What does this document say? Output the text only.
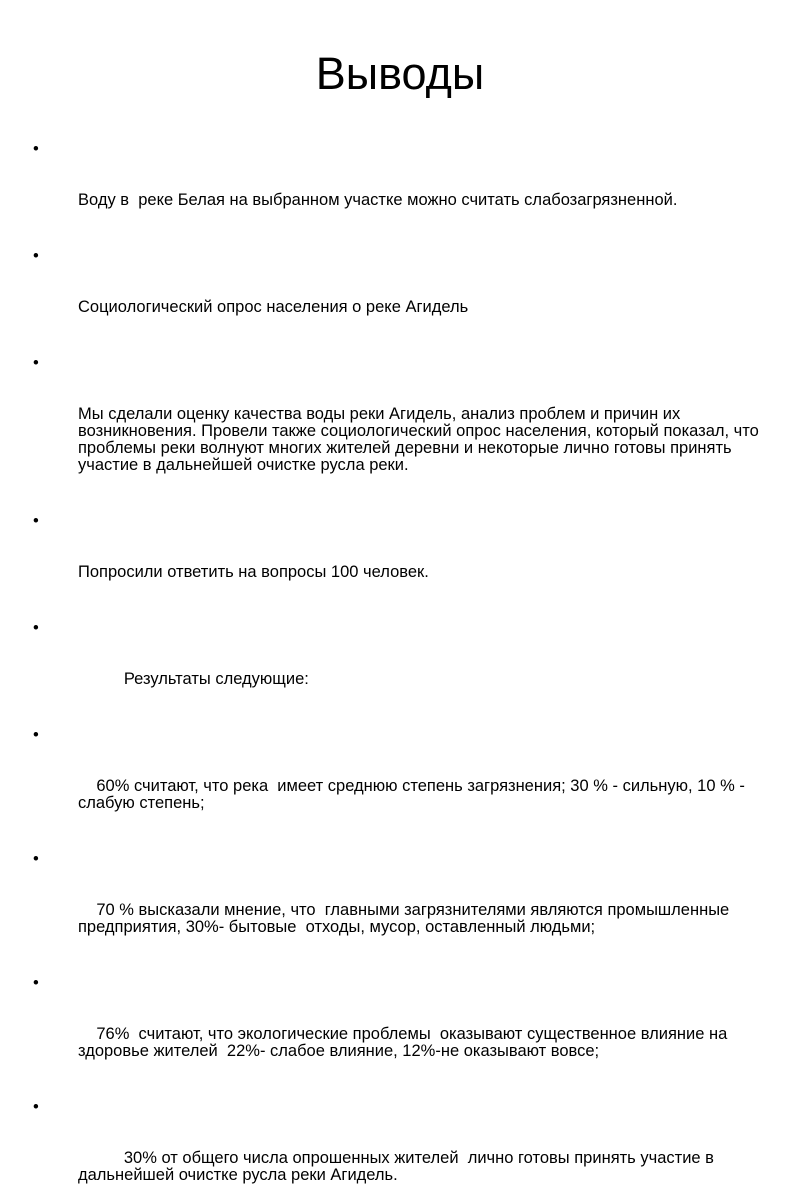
Выводы

•

Воду в  реке Белая на выбранном участке можно считать слабозагрязненной.

•

Социологический опрос населения о реке Агидель

•

Мы сделали оценку качества воды реки Агидель, анализ проблем и причин их возникновения. Провели также социологический опрос населения, который показал, что проблемы реки волнуют многих жителей деревни и некоторые лично готовы принять участие в дальнейшей очистке русла реки.

•

Попросили ответить на вопросы 100 человек.

•

Результаты следующие:

•

60% считают, что река  имеет среднюю степень загрязнения; 30 % - сильную, 10 % - слабую степень;

•

70 % высказали мнение, что  главными загрязнителями являются промышленные предприятия, 30%- бытовые  отходы, мусор, оставленный людьми;

•

76%  считают, что экологические проблемы  оказывают существенное влияние на здоровье жителей  22%- слабое влияние, 12%-не оказывают вовсе;

•

30% от общего числа опрошенных жителей  лично готовы принять участие в дальнейшей очистке русла реки Агидель.
